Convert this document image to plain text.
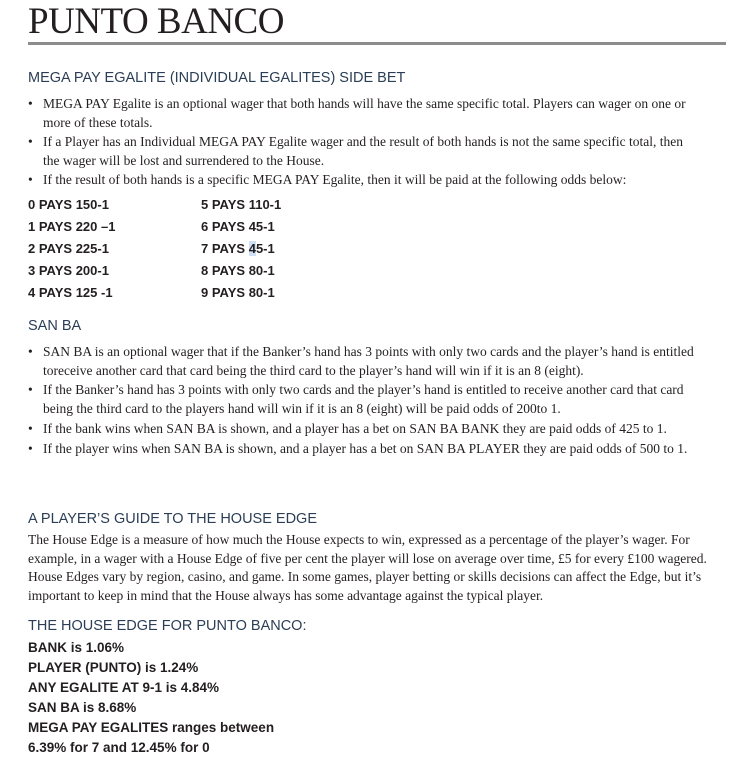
PUNTO BANCO
MEGA PAY EGALITE (INDIVIDUAL EGALITES) SIDE BET
• MEGA PAY Egalite is an optional wager that both hands will have the same specific total. Players can wager on one or more of these totals.
• If a Player has an Individual MEGA PAY Egalite wager and the result of both hands is not the same specific total, then the wager will be lost and surrendered to the House.
• If the result of both hands is a specific MEGA PAY Egalite, then it will be paid at the following odds below:
0 PAYS 150-1
1 PAYS 220 –1
2 PAYS 225-1
3 PAYS 200-1
4 PAYS 125 -1
5 PAYS 110-1
6 PAYS 45-1
7 PAYS 45-1
8 PAYS 80-1
9 PAYS 80-1
SAN BA
• SAN BA is an optional wager that if the Banker’s hand has 3 points with only two cards and the player’s hand is entitled toreceive another card that card being the third card to the player’s hand will win if it is an 8 (eight).
• If the Banker’s hand has 3 points with only two cards and the player’s hand is entitled to receive another card that card being the third card to the players hand will win if it is an 8 (eight) will be paid odds of 200to 1.
• If the bank wins when SAN BA is shown, and a player has a bet on SAN BA BANK they are paid odds of 425 to 1.
• If the player wins when SAN BA is shown, and a player has a bet on SAN BA PLAYER they are paid odds of 500 to 1.
A PLAYER’S GUIDE TO THE HOUSE EDGE
The House Edge is a measure of how much the House expects to win, expressed as a percentage of the player’s wager. For example, in a wager with a House Edge of five per cent the player will lose on average over time, £5 for every £100 wagered. House Edges vary by region, casino, and game. In some games, player betting or skills decisions can affect the Edge, but it’s important to keep in mind that the House always has some advantage against the typical player.
THE HOUSE EDGE FOR PUNTO BANCO:
BANK is 1.06%
PLAYER (PUNTO) is 1.24%
ANY EGALITE AT 9-1 is 4.84%
SAN BA is 8.68%
MEGA PAY EGALITES ranges between
6.39% for 7 and 12.45% for 0
